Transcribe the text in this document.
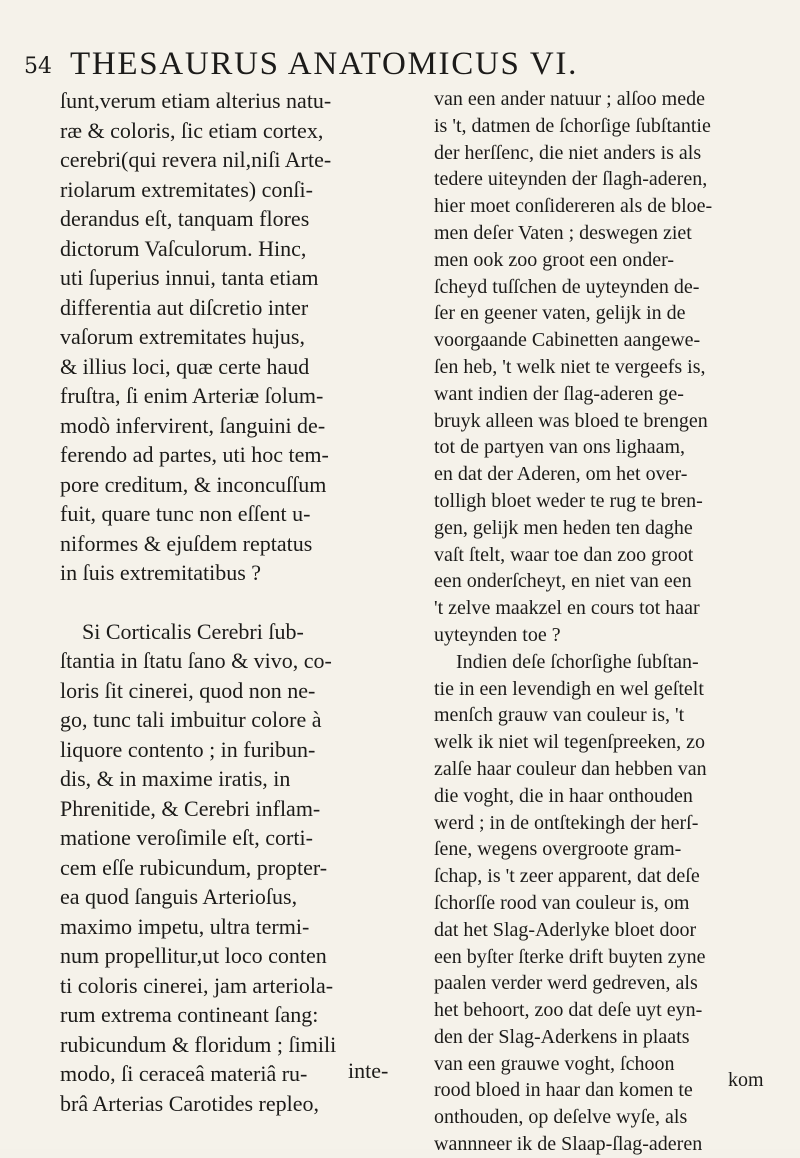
54 THESAURUS ANATOMICUS VI.
ſunt,verum etiam alterius natu-
ræ & coloris, ſic etiam cortex,
cerebri(qui revera nil,niſi Arte-
riolarum extremitates) conſi-
derandus eſt, tanquam flores
dictorum Vaſculorum. Hinc,
uti ſuperius innui, tanta etiam
differentia aut diſcretio inter
vaſorum extremitates hujus,
& illius loci, quæ certe haud
fruſtra, ſi enim Arteriæ ſolum-
modò infervirent, ſanguini de-
ferendo ad partes, uti hoc tem-
pore creditum, & inconcuſſum
fuit, quare tunc non eſſent u-
niformes & ejuſdem reptatus
in ſuis extremitatibus ?
Si Corticalis Cerebri ſub-
ſtantia in ſtatu ſano & vivo, co-
loris ſit cinerei, quod non ne-
go, tunc tali imbuitur colore à
liquore contento ; in furibun-
dis, & in maxime iratis, in
Phrenitide, & Cerebri inflam-
matione veroſimile eſt, corti-
cem eſſe rubicundum, propter-
ea quod ſanguis Arterioſus,
maximo impetu, ultra termi-
num propellitur,ut loco conten
ti coloris cinerei, jam arteriola-
rum extrema contineant ſang:
rubicundum & floridum ; ſimili
modo, ſi ceraceâ materiâ ru-
brâ Arterias Carotides repleo,
van een ander natuur ; alſoo mede
is 't, datmen de ſchorſige ſubſtantie
der herſſenc, die niet anders is als
tedere uiteynden der ſlagh-aderen,
hier moet conſidereren als de bloe-
men deſer Vaten ; deswegen ziet
men ook zoo groot een onder-
ſcheyd tuſſchen de uyteynden de-
ſer en geener vaten, gelijk in de
voorgaande Cabinetten aangewe-
ſen heb, 't welk niet te vergeefs is,
want indien der ſlag-aderen ge-
bruyk alleen was bloed te brengen
tot de partyen van ons lighaam,
en dat der Aderen, om het over-
tolligh bloet weder te rug te bren-
gen, gelijk men heden ten daghe
vaſt ſtelt, waar toe dan zoo groot
een onderſcheyt, en niet van een
't zelve maakzel en cours tot haar
uyteynden toe ?
Indien deſe ſchorſighe ſubſtan-
tie in een levendigh en wel geſtelt
menſch grauw van couleur is, 't
welk ik niet wil tegenſpreeken, zo
zalſe haar couleur dan hebben van
die voght, die in haar onthouden
werd ; in de ontſtekingh der herſ-
ſene, wegens overgroote gram-
ſchap, is 't zeer apparent, dat deſe
ſchorſſe rood van couleur is, om
dat het Slag-Aderlyke bloet door
een byſter ſterke drift buyten zyne
paalen verder werd gedreven, als
het behoort, zoo dat deſe uyt eyn-
den der Slag-Aderkens in plaats
van een grauwe voght, ſchoon
rood bloed in haar dan komen te
onthouden, op deſelve wyſe, als
wannneer ik de Slaap-ſlag-aderen
inte-	kom
